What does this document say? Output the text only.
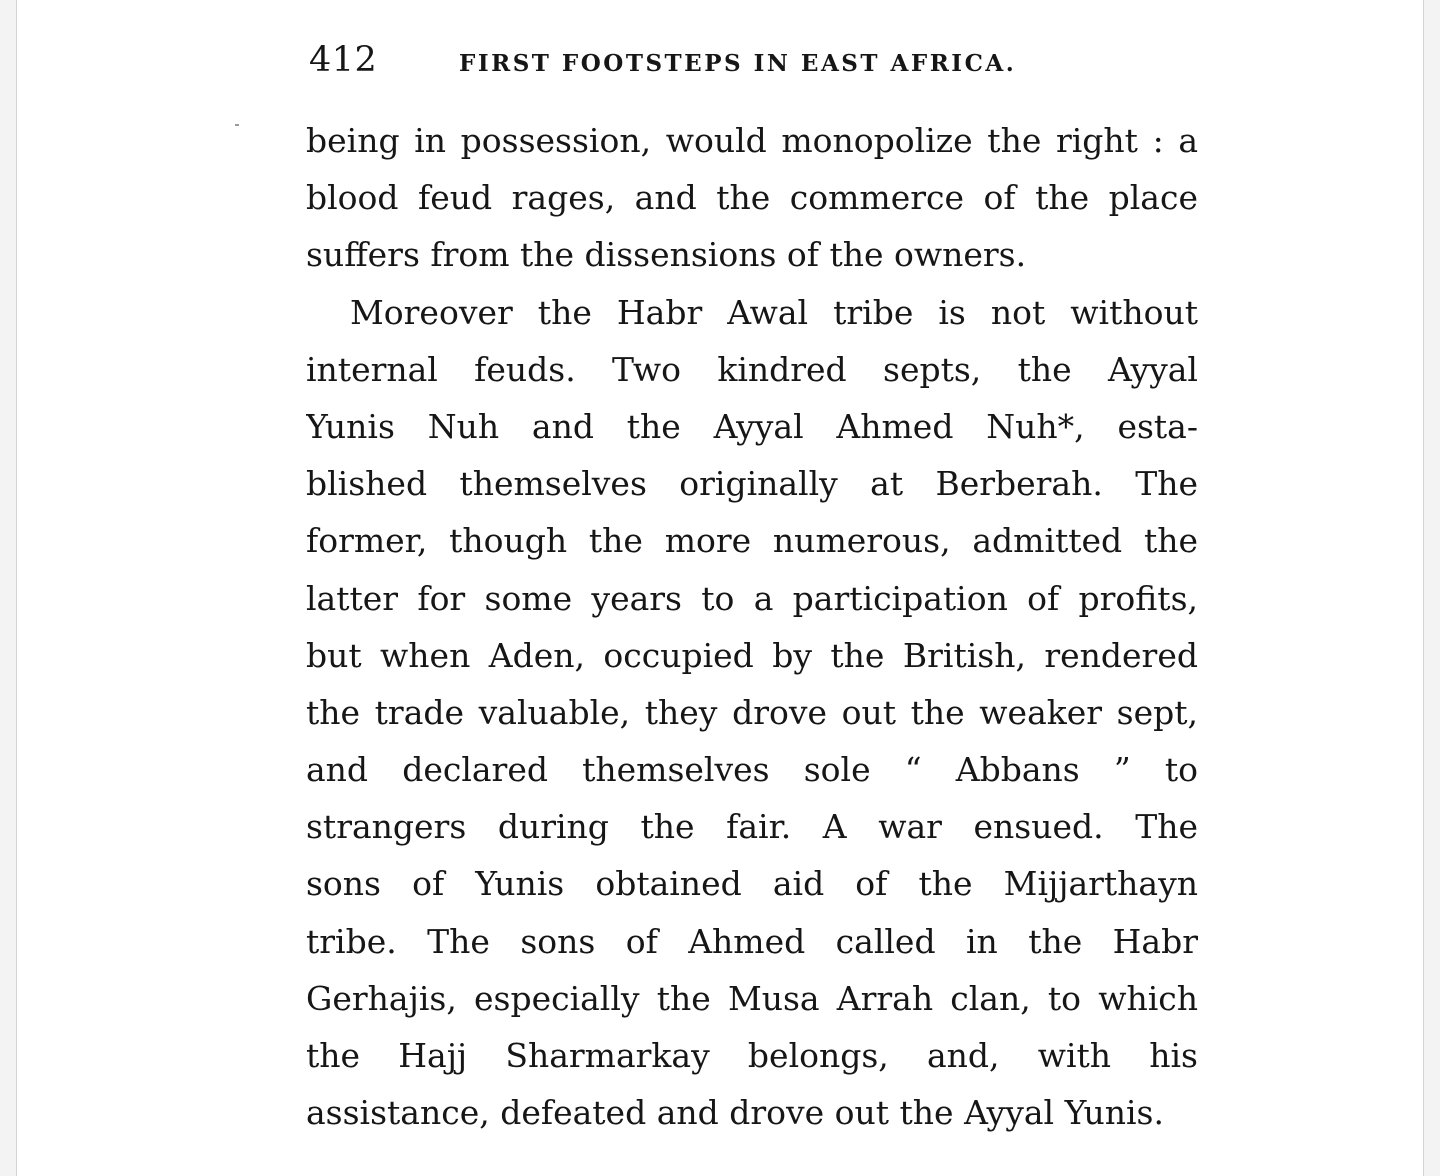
412	FIRST FOOTSTEPS IN EAST AFRICA.
being in possession, would monopolize the right : a
blood feud rages, and the commerce of the place
suffers from the dissensions of the owners.
Moreover the Habr Awal tribe is not without
internal feuds. Two kindred septs, the Ayyal
Yunis Nuh and the Ayyal Ahmed Nuh*, esta-
blished themselves originally at Berberah. The
former, though the more numerous, admitted the
latter for some years to a participation of profits,
but when Aden, occupied by the British, rendered
the trade valuable, they drove out the weaker sept,
and declared themselves sole “ Abbans ” to
strangers during the fair. A war ensued. The
sons of Yunis obtained aid of the Mijjarthayn
tribe. The sons of Ahmed called in the Habr
Gerhajis, especially the Musa Arrah clan, to which
the Hajj Sharmarkay belongs, and, with his
assistance, defeated and drove out the Ayyal Yunis.
